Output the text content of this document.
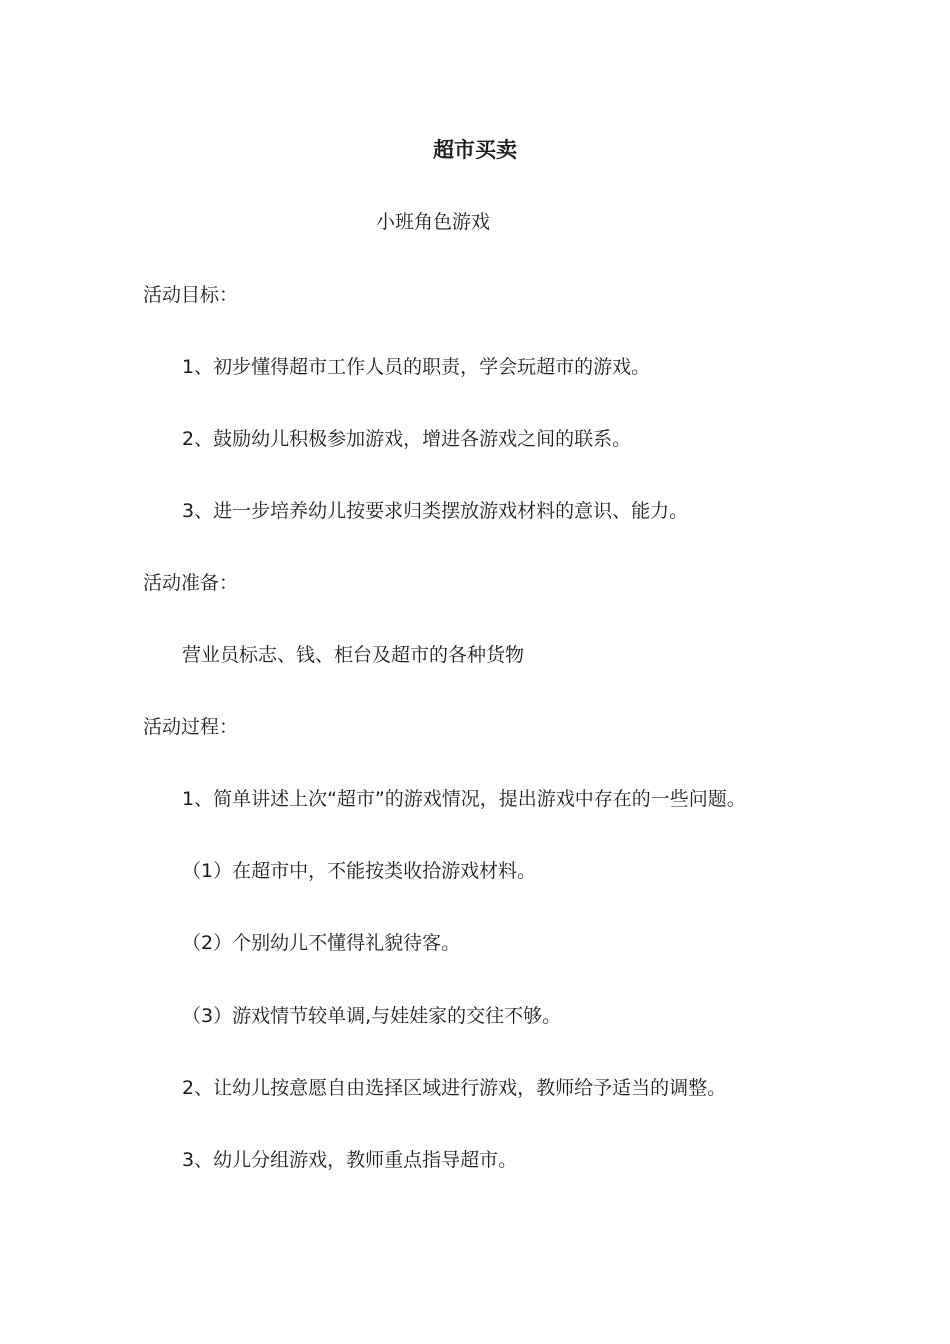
超市买卖
小班角色游戏
活动目标：
1、初步懂得超市工作人员的职责，学会玩超市的游戏。
2、鼓励幼儿积极参加游戏，增进各游戏之间的联系。
3、进一步培养幼儿按要求归类摆放游戏材料的意识、能力。
活动准备：
营业员标志、钱、柜台及超市的各种货物
活动过程：
1、简单讲述上次“超市”的游戏情况，提出游戏中存在的一些问题。
（1）在超市中，不能按类收拾游戏材料。
（2）个别幼儿不懂得礼貌待客。
（3）游戏情节较单调,与娃娃家的交往不够。
2、让幼儿按意愿自由选择区域进行游戏，教师给予适当的调整。
3、幼儿分组游戏，教师重点指导超市。
